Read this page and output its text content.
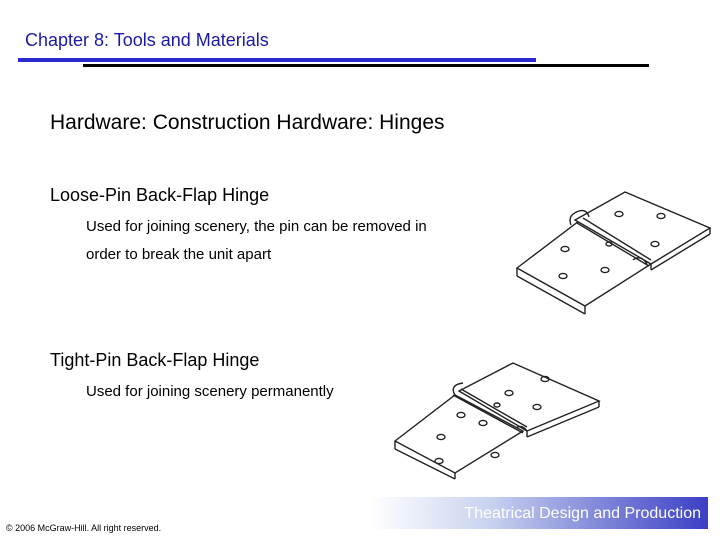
Chapter 8: Tools and Materials
Hardware: Construction Hardware: Hinges
Loose-Pin Back-Flap Hinge
Used for joining scenery, the pin can be removed in
order to break the unit apart
Tight-Pin Back-Flap Hinge
Used for joining scenery permanently
Theatrical Design and Production
© 2006 McGraw-Hill. All right reserved.
